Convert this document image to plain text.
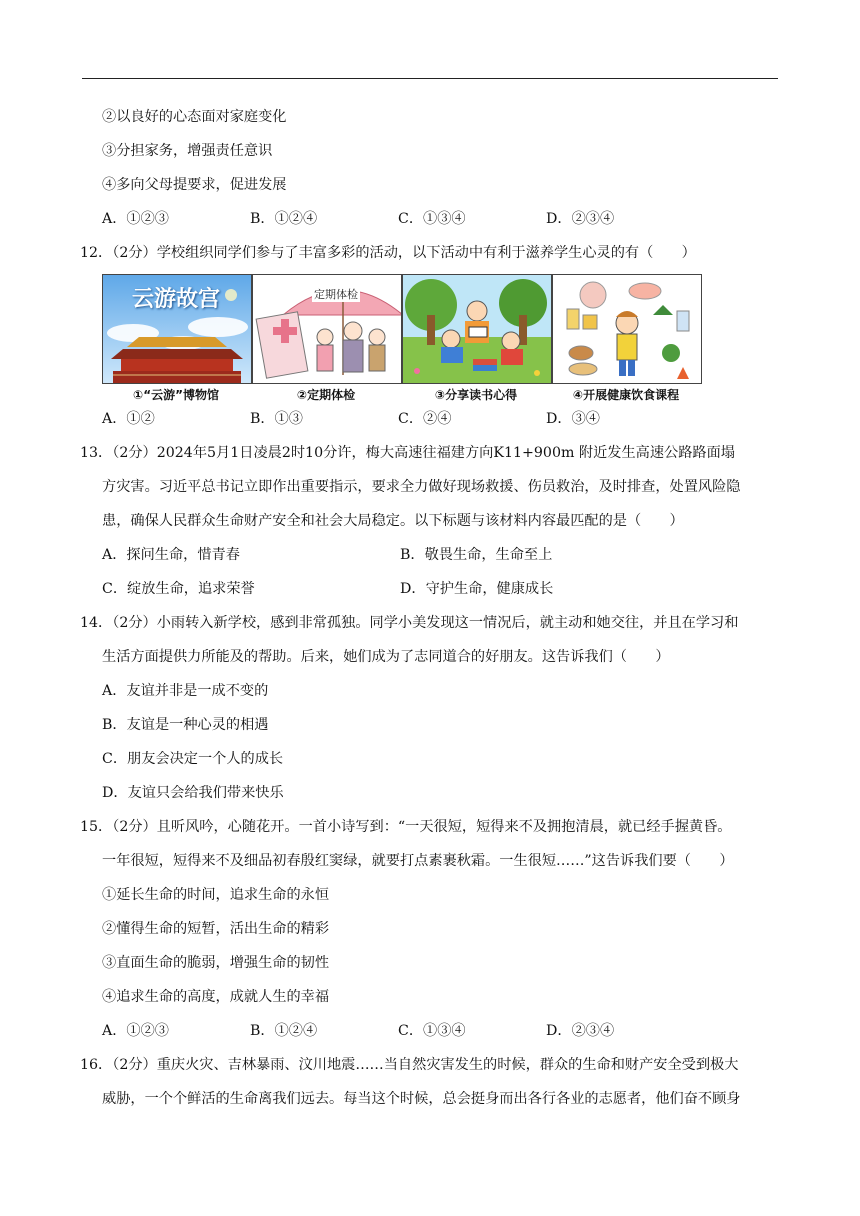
②以良好的心态面对家庭变化
③分担家务，增强责任意识
④多向父母提要求，促进发展
A．①②③	B．①②④	C．①③④	D．②③④
12．（2分）学校组织同学们参与了丰富多彩的活动，以下活动中有利于滋养学生心灵的有（　　）
云游故宫
①“云游”博物馆
定期体检
②定期体检	③分享读书心得	④开展健康饮食课程
A．①②	B．①③	C．②④	D．③④
13．（2分）2024年5月1日凌晨2时10分许，梅大高速往福建方向K11+900m 附近发生高速公路路面塌
方灾害。习近平总书记立即作出重要指示，要求全力做好现场救援、伤员救治，及时排查，处置风险隐
患，确保人民群众生命财产安全和社会大局稳定。以下标题与该材料内容最匹配的是（　　）
A．探问生命，惜青春	B．敬畏生命，生命至上
C．绽放生命，追求荣誉	D．守护生命，健康成长
14．（2分）小雨转入新学校，感到非常孤独。同学小美发现这一情况后，就主动和她交往，并且在学习和
生活方面提供力所能及的帮助。后来，她们成为了志同道合的好朋友。这告诉我们（　　）
A．友谊并非是一成不变的
B．友谊是一种心灵的相遇
C．朋友会决定一个人的成长
D．友谊只会给我们带来快乐
15．（2分）且听风吟，心随花开。一首小诗写到：“一天很短，短得来不及拥抱清晨，就已经手握黄昏。
一年很短，短得来不及细品初春殷红窦绿，就要打点素裹秋霜。一生很短……”这告诉我们要（　　）
①延长生命的时间，追求生命的永恒
②懂得生命的短暂，活出生命的精彩
③直面生命的脆弱，增强生命的韧性
④追求生命的高度，成就人生的幸福
A．①②③	B．①②④	C．①③④	D．②③④
16．（2分）重庆火灾、吉林暴雨、汶川地震……当自然灾害发生的时候，群众的生命和财产安全受到极大
威胁，一个个鲜活的生命离我们远去。每当这个时候，总会挺身而出各行各业的志愿者，他们奋不顾身
